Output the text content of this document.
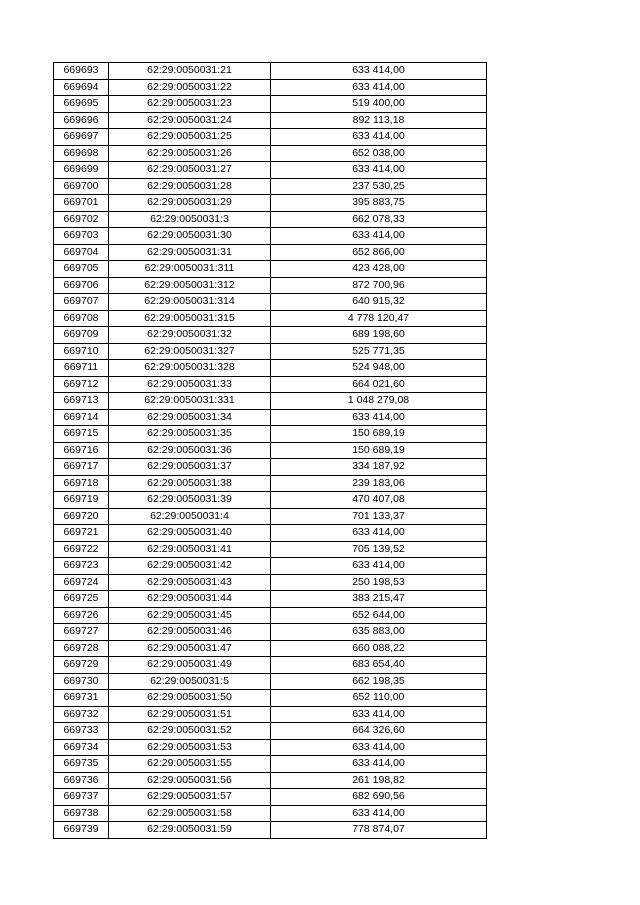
669693	62:29:0050031:21	633 414,00
669694	62:29:0050031:22	633 414,00
669695	62:29:0050031:23	519 400,00
669696	62:29:0050031:24	892 113,18
669697	62:29:0050031:25	633 414,00
669698	62:29:0050031:26	652 038,00
669699	62:29:0050031:27	633 414,00
669700	62:29:0050031:28	237 530,25
669701	62:29:0050031:29	395 883,75
669702	62:29:0050031:3	662 078,33
669703	62:29:0050031:30	633 414,00
669704	62:29:0050031:31	652 866,00
669705	62:29:0050031:311	423 428,00
669706	62:29:0050031:312	872 700,96
669707	62:29:0050031:314	640 915,32
669708	62:29:0050031:315	4 778 120,47
669709	62:29:0050031:32	689 198,60
669710	62:29:0050031:327	525 771,35
669711	62:29:0050031:328	524 948,00
669712	62:29:0050031:33	664 021,60
669713	62:29:0050031:331	1 048 279,08
669714	62:29:0050031:34	633 414,00
669715	62:29:0050031:35	150 689,19
669716	62:29:0050031:36	150 689,19
669717	62:29:0050031:37	334 187,92
669718	62:29:0050031:38	239 183,06
669719	62:29:0050031:39	470 407,08
669720	62:29:0050031:4	701 133,37
669721	62:29:0050031:40	633 414,00
669722	62:29:0050031:41	705 139,52
669723	62:29:0050031:42	633 414,00
669724	62:29:0050031:43	250 198,53
669725	62:29:0050031:44	383 215,47
669726	62:29:0050031:45	652 644,00
669727	62:29:0050031:46	635 883,00
669728	62:29:0050031:47	660 088,22
669729	62:29:0050031:49	683 654,40
669730	62:29:0050031:5	662 198,35
669731	62:29:0050031:50	652 110,00
669732	62:29:0050031:51	633 414,00
669733	62:29:0050031:52	664 326,60
669734	62:29:0050031:53	633 414,00
669735	62:29:0050031:55	633 414,00
669736	62:29:0050031:56	261 198,82
669737	62:29:0050031:57	682 690,56
669738	62:29:0050031:58	633 414,00
669739	62:29:0050031:59	778 874,07
